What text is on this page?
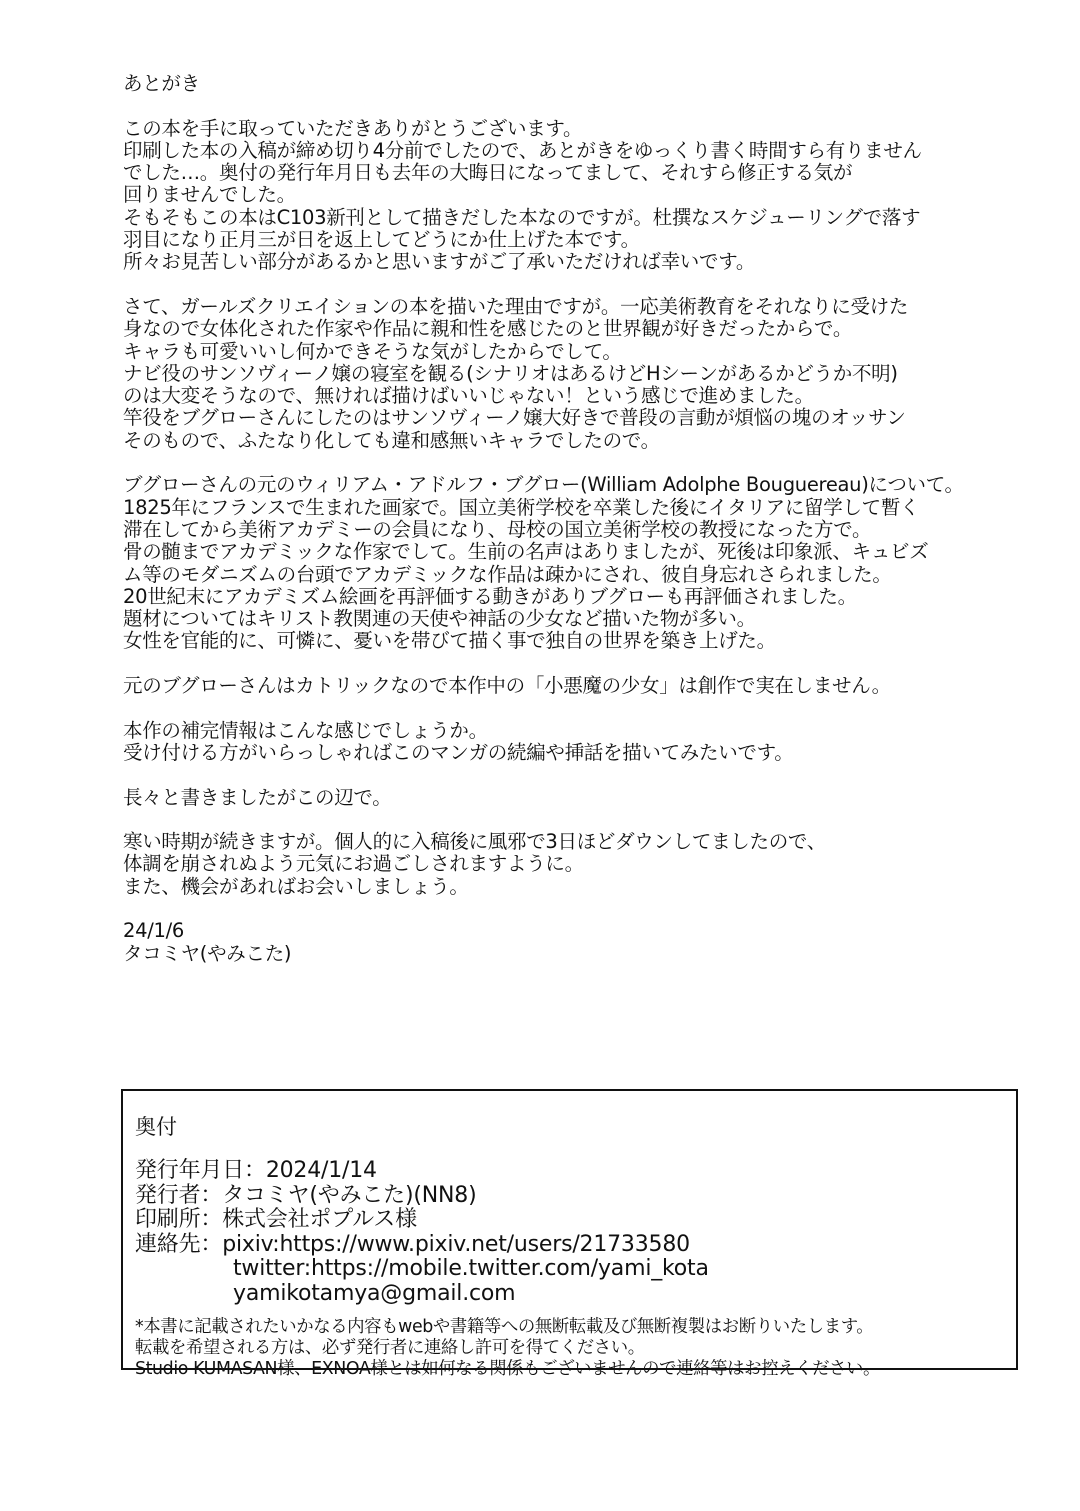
あとがき

この本を手に取っていただきありがとうございます。

印刷した本の入稿が締め切り4分前でしたので、あとがきをゆっくり書く時間すら有りません

でした…。奥付の発行年月日も去年の大晦日になってまして、それすら修正する気が

回りませんでした。

そもそもこの本はC103新刊として描きだした本なのですが。杜撰なスケジューリングで落す

羽目になり正月三が日を返上してどうにか仕上げた本です。

所々お見苦しい部分があるかと思いますがご了承いただければ幸いです。

さて、ガールズクリエイションの本を描いた理由ですが。一応美術教育をそれなりに受けた

身なので女体化された作家や作品に親和性を感じたのと世界観が好きだったからで。

キャラも可愛いいし何かできそうな気がしたからでして。

ナビ役のサンソヴィーノ嬢の寝室を観る(シナリオはあるけどHシーンがあるかどうか不明)

のは大変そうなので、無ければ描けばいいじゃない！という感じで進めました。

竿役をブグローさんにしたのはサンソヴィーノ嬢大好きで普段の言動が煩悩の塊のオッサン

そのもので、ふたなり化しても違和感無いキャラでしたので。

ブグローさんの元のウィリアム・アドルフ・ブグロー(William Adolphe Bouguereau)について。

1825年にフランスで生まれた画家で。国立美術学校を卒業した後にイタリアに留学して暫く

滞在してから美術アカデミーの会員になり、母校の国立美術学校の教授になった方で。

骨の髄までアカデミックな作家でして。生前の名声はありましたが、死後は印象派、キュビズ

ム等のモダニズムの台頭でアカデミックな作品は疎かにされ、彼自身忘れさられました。

20世紀末にアカデミズム絵画を再評価する動きがありブグローも再評価されました。

題材についてはキリスト教関連の天使や神話の少女など描いた物が多い。

女性を官能的に、可憐に、憂いを帯びて描く事で独自の世界を築き上げた。

元のブグローさんはカトリックなので本作中の「小悪魔の少女」は創作で実在しません。

本作の補完情報はこんな感じでしょうか。

受け付ける方がいらっしゃればこのマンガの続編や挿話を描いてみたいです。

長々と書きましたがこの辺で。

寒い時期が続きますが。個人的に入稿後に風邪で3日ほどダウンしてましたので、

体調を崩されぬよう元気にお過ごしされますように。

また、機会があればお会いしましょう。

24/1/6

タコミヤ(やみこた)

奥付
発行年月日： 2024/1/14
発行者： タコミヤ(やみこた)(NN8)
印刷所： 株式会社ポプルス様
連絡先： pixiv:https://www.pixiv.net/users/21733580
twitter:https://mobile.twitter.com/yami_kota
yamikotamya@gmail.com

*本書に記載されたいかなる内容もwebや書籍等への無断転載及び無断複製はお断りいたします。

転載を希望される方は、必ず発行者に連絡し許可を得てください。

Studio KUMASAN様、EXNOA様とは如何なる関係もございませんので連絡等はお控えください。
